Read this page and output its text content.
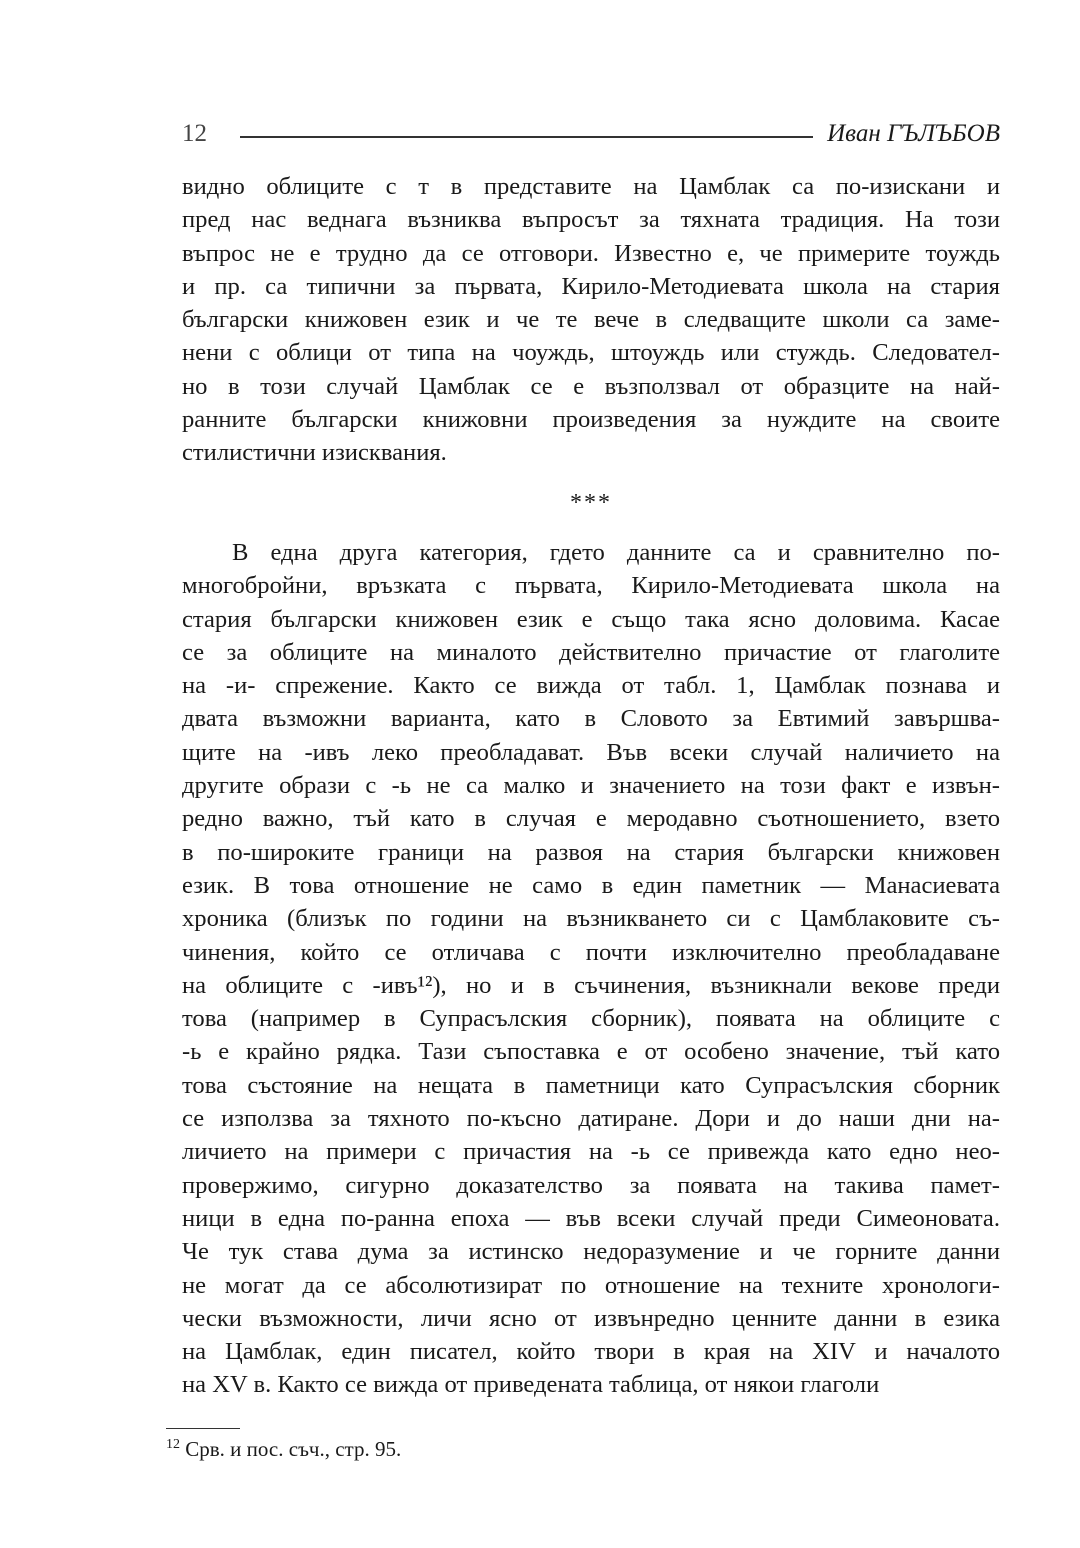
12	Иван ГЪЛЪБОВ
видно облиците с т в представите на Цамблак са по-изискани и
пред нас веднага възниква въпросът за тяхната традиция. На този
въпрос не е трудно да се отговори. Известно е, че примерите тоуждь
и пр. са типични за първата, Кирило-Методиевата школа на стария
български книжовен език и че те вече в следващите школи са заме-
нени с облици от типа на чоуждь, штоуждь или стуждь. Следовател-
но в този случай Цамблак се е възползвал от образците на най-
ранните български книжовни произведения за нуждите на своите
стилистични изисквания.
***
В една друга категория, гдето данните са и сравнително по-
многобройни, връзката с първата, Кирило-Методиевата школа на
стария български книжовен език е също така ясно доловима. Касае
се за облиците на миналото действително причастие от глаголите
на -и- спрежение. Както се вижда от табл. 1, Цамблак познава и
двата възможни варианта, като в Словото за Евтимий завършва-
щите на -ивъ леко преобладават. Във всеки случай наличието на
другите образи с -ь не са малко и значението на този факт е извън-
редно важно, тъй като в случая е меродавно съотношението, взето
в по-широките граници на развоя на стария български книжовен
език. В това отношение не само в един паметник — Манасиевата
хроника (близък по години на възникването си с Цамблаковите съ-
чинения, който се отличава с почти изключително преобладаване
на облиците с -ивъ¹²), но и в съчинения, възникнали векове преди
това (например в Супрасълския сборник), появата на облиците с
-ь е крайно рядка. Тази съпоставка е от особено значение, тъй като
това състояние на нещата в паметници като Супрасълския сборник
се използва за тяхното по-късно датиране. Дори и до наши дни на-
личието на примери с причастия на -ь се привежда като едно нео-
провержимо, сигурно доказателство за появата на такива памет-
ници в една по-ранна епоха — във всеки случай преди Симеоновата.
Че тук става дума за истинско недоразумение и че горните данни
не могат да се абсолютизират по отношение на техните хронологи-
чески възможности, личи ясно от извънредно ценните данни в езика
на Цамблак, един писател, който твори в края на XIV и началото
на XV в. Както се вижда от приведената таблица, от някои глаголи
$^{12}$ Срв. и пос. съч., стр. 95.
